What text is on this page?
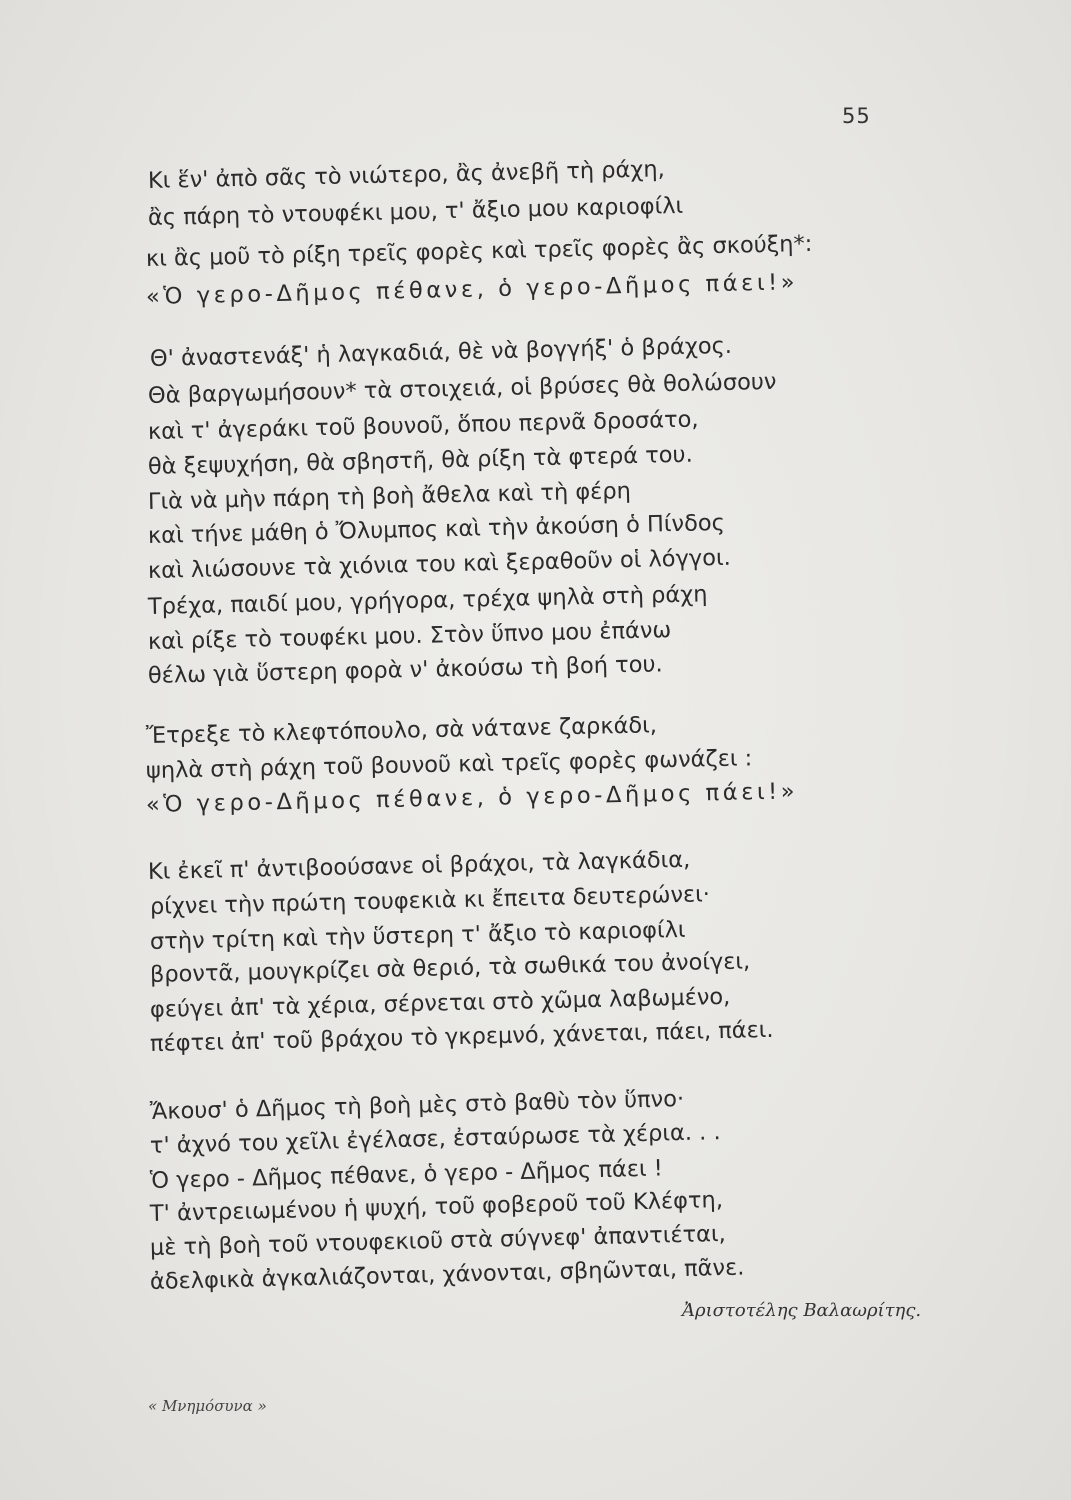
55
Κι ἕν' ἀπὸ σᾶς τὸ νιώτερο, ἂς ἀνεβῆ τὴ ράχη,
ἂς πάρη τὸ ντουφέκι μου, τ' ἄξιο μου καριοφίλι
κι ἂς μοῦ τὸ ρίξη τρεῖς φορὲς καὶ τρεῖς φορὲς ἂς σκούξη*:
«Ὁ γερο-Δῆμος πέθανε, ὁ γερο-Δῆμος πάει!»
Θ' ἀναστενάξ' ἡ λαγκαδιά, θὲ νὰ βογγήξ' ὁ βράχος.
Θὰ βαργωμήσουν* τὰ στοιχειά, οἱ βρύσες θὰ θολώσουν
καὶ τ' ἀγεράκι τοῦ βουνοῦ, ὅπου περνᾶ δροσάτο,
θὰ ξεψυχήση, θὰ σβηστῆ, θὰ ρίξη τὰ φτερά του.
Γιὰ νὰ μὴν πάρη τὴ βοὴ ἄθελα καὶ τὴ φέρη
καὶ τήνε μάθη ὁ Ὄλυμπος καὶ τὴν ἀκούση ὁ Πίνδος
καὶ λιώσουνε τὰ χιόνια του καὶ ξεραθοῦν οἱ λόγγοι.
Τρέχα, παιδί μου, γρήγορα, τρέχα ψηλὰ στὴ ράχη
καὶ ρίξε τὸ τουφέκι μου. Στὸν ὕπνο μου ἐπάνω
θέλω γιὰ ὕστερη φορὰ ν' ἀκούσω τὴ βοή του.
Ἔτρεξε τὸ κλεφτόπουλο, σὰ νάτανε ζαρκάδι,
ψηλὰ στὴ ράχη τοῦ βουνοῦ καὶ τρεῖς φορὲς φωνάζει :
«Ὁ γερο-Δῆμος πέθανε, ὁ γερο-Δῆμος πάει!»
Κι ἐκεῖ π' ἀντιβοούσανε οἱ βράχοι, τὰ λαγκάδια,
ρίχνει τὴν πρώτη τουφεκιὰ κι ἔπειτα δευτερώνει·
στὴν τρίτη καὶ τὴν ὕστερη τ' ἄξιο τὸ καριοφίλι
βροντᾶ, μουγκρίζει σὰ θεριό, τὰ σωθικά του ἀνοίγει,
φεύγει ἀπ' τὰ χέρια, σέρνεται στὸ χῶμα λαβωμένο,
πέφτει ἀπ' τοῦ βράχου τὸ γκρεμνό, χάνεται, πάει, πάει.
Ἄκουσ' ὁ Δῆμος τὴ βοὴ μὲς στὸ βαθὺ τὸν ὕπνο·
τ' ἀχνό του χεῖλι ἐγέλασε, ἐσταύρωσε τὰ χέρια. . .
Ὁ γερο - Δῆμος πέθανε, ὁ γερο - Δῆμος πάει !
Τ' ἀντρειωμένου ἡ ψυχή, τοῦ φοβεροῦ τοῦ Κλέφτη,
μὲ τὴ βοὴ τοῦ ντουφεκιοῦ στὰ σύγνεφ' ἀπαντιέται,
ἀδελφικὰ ἀγκαλιάζονται, χάνονται, σβηῶνται, πᾶνε.
Ἀριστοτέλης Βαλαωρίτης.
« Μνημόσυνα »
